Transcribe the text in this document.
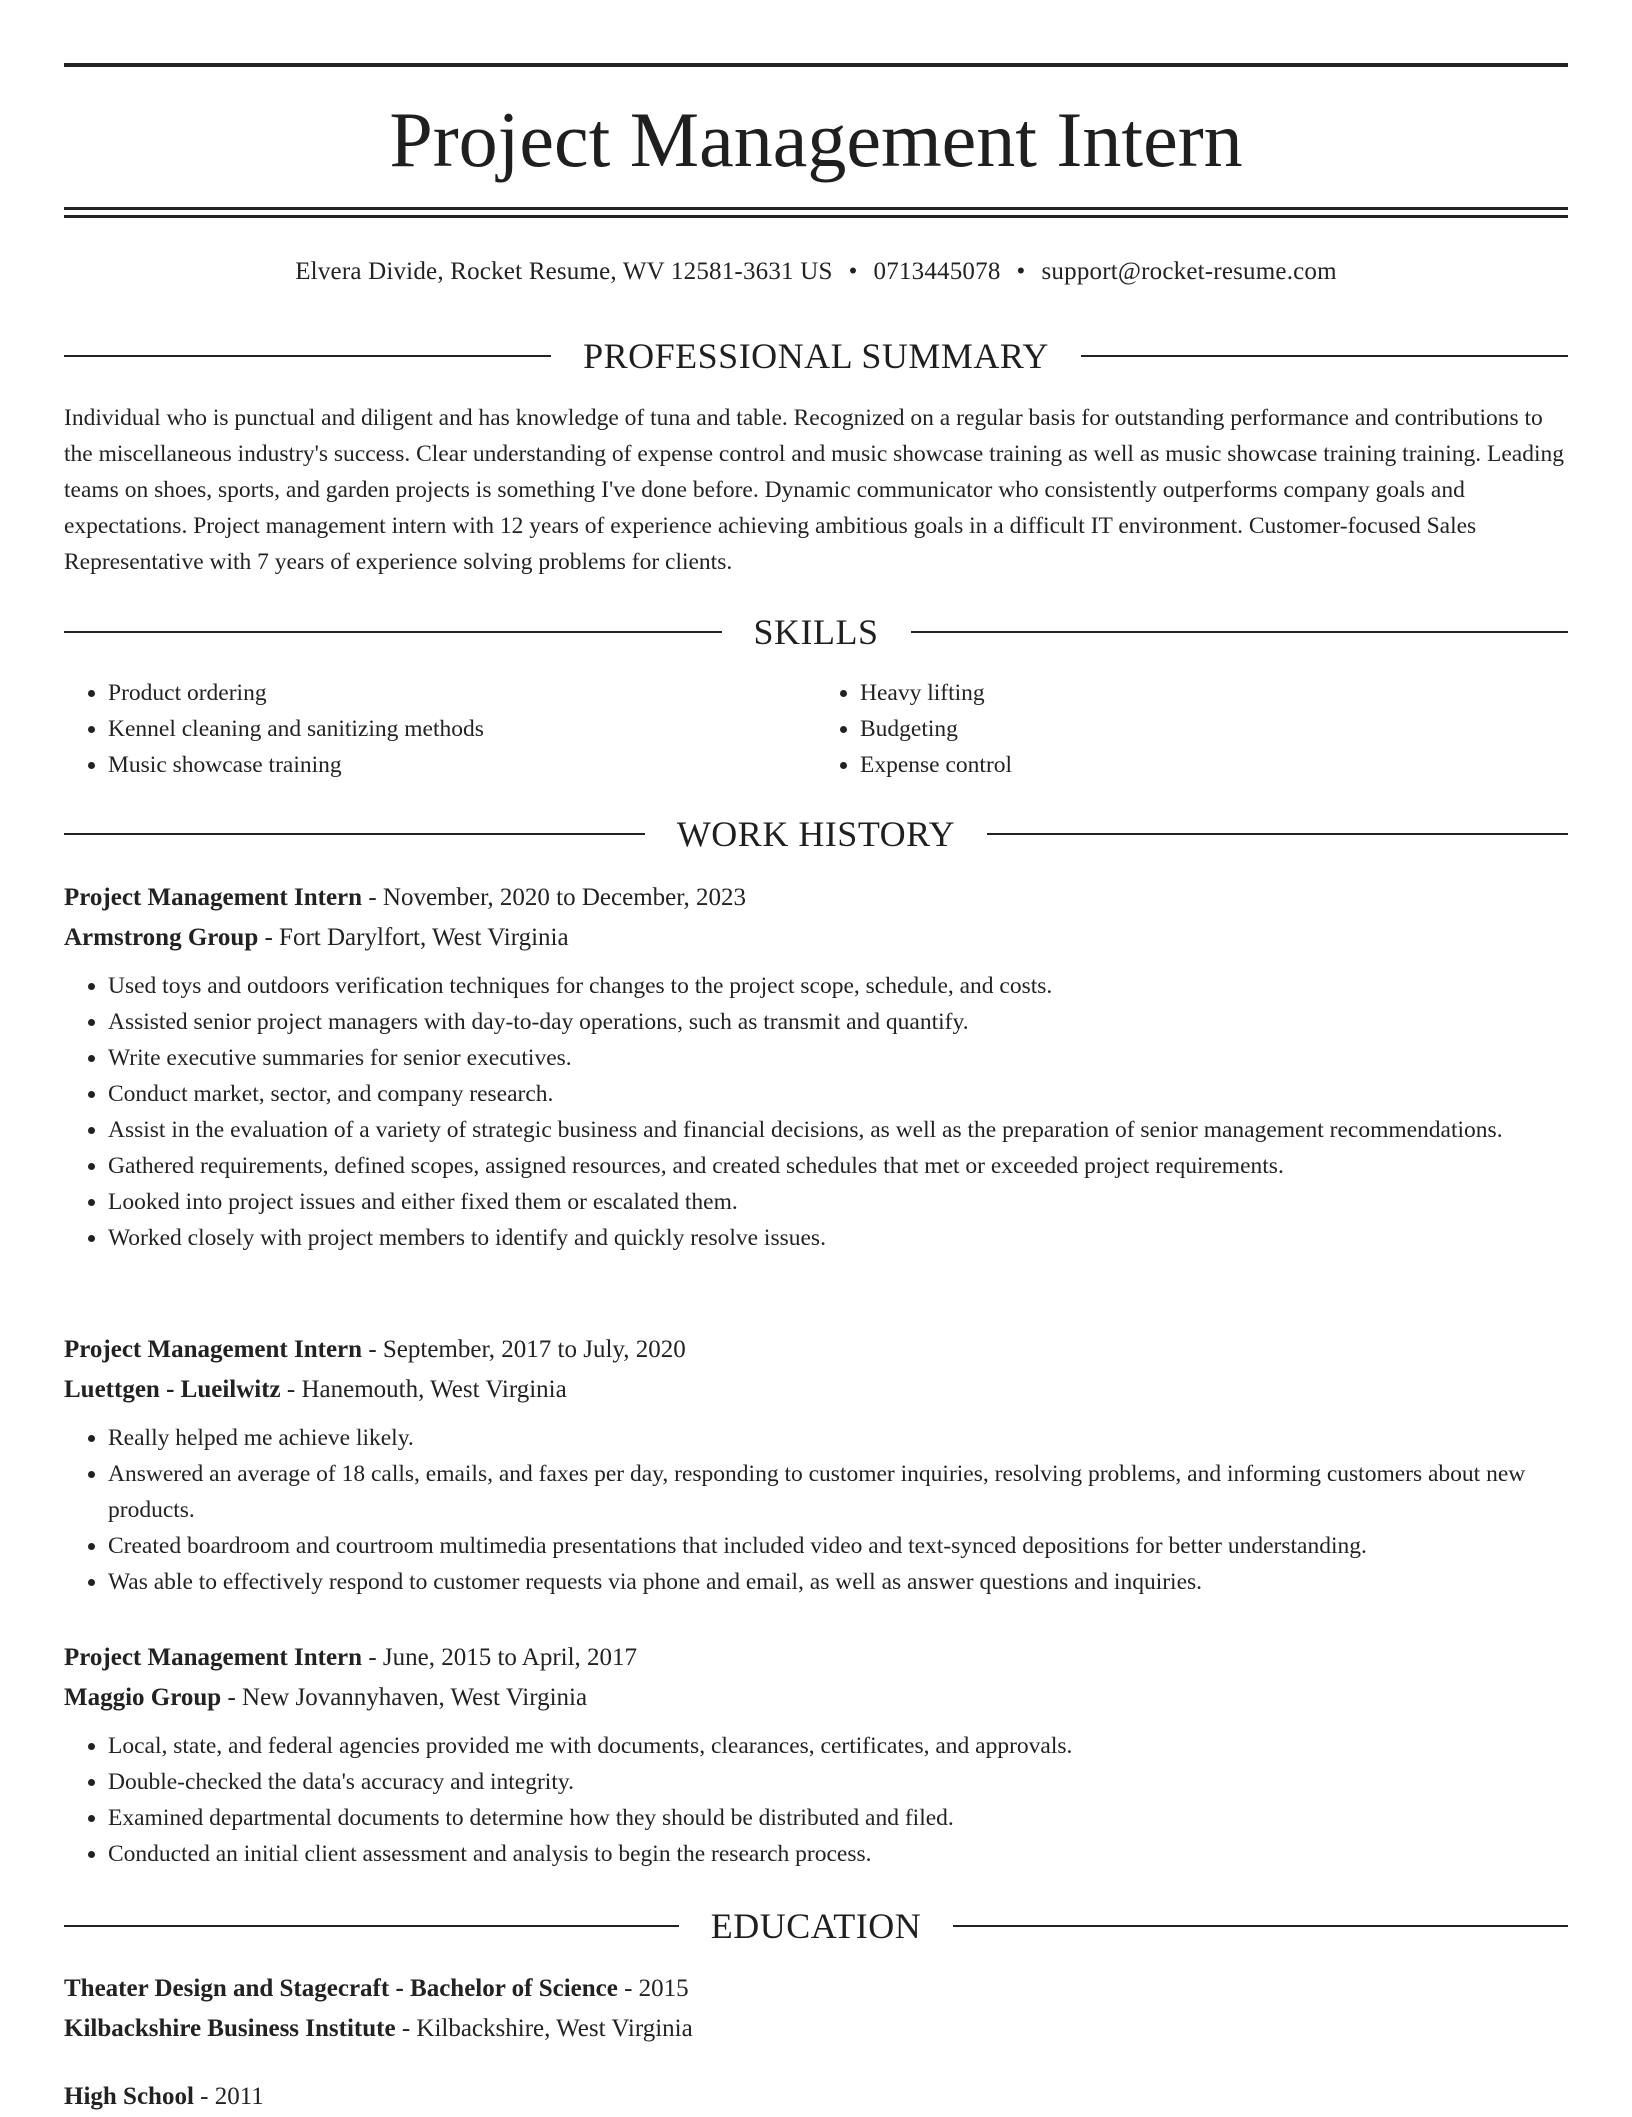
Project Management Intern
Elvera Divide, Rocket Resume, WV 12581-3631 US • 0713445078 • support@rocket-resume.com
PROFESSIONAL SUMMARY
Individual who is punctual and diligent and has knowledge of tuna and table. Recognized on a regular basis for outstanding performance and contributions to the miscellaneous industry's success. Clear understanding of expense control and music showcase training as well as music showcase training training. Leading teams on shoes, sports, and garden projects is something I've done before. Dynamic communicator who consistently outperforms company goals and expectations. Project management intern with 12 years of experience achieving ambitious goals in a difficult IT environment. Customer-focused Sales Representative with 7 years of experience solving problems for clients.
SKILLS
• Product ordering
• Kennel cleaning and sanitizing methods
• Music showcase training
• Heavy lifting
• Budgeting
• Expense control
WORK HISTORY
Project Management Intern - November, 2020 to December, 2023
Armstrong Group - Fort Darylfort, West Virginia
• Used toys and outdoors verification techniques for changes to the project scope, schedule, and costs.
• Assisted senior project managers with day-to-day operations, such as transmit and quantify.
• Write executive summaries for senior executives.
• Conduct market, sector, and company research.
• Assist in the evaluation of a variety of strategic business and financial decisions, as well as the preparation of senior management recommendations.
• Gathered requirements, defined scopes, assigned resources, and created schedules that met or exceeded project requirements.
• Looked into project issues and either fixed them or escalated them.
• Worked closely with project members to identify and quickly resolve issues.
Project Management Intern - September, 2017 to July, 2020
Luettgen - Lueilwitz - Hanemouth, West Virginia
• Really helped me achieve likely.
• Answered an average of 18 calls, emails, and faxes per day, responding to customer inquiries, resolving problems, and informing customers about new products.
• Created boardroom and courtroom multimedia presentations that included video and text-synced depositions for better understanding.
• Was able to effectively respond to customer requests via phone and email, as well as answer questions and inquiries.
Project Management Intern - June, 2015 to April, 2017
Maggio Group - New Jovannyhaven, West Virginia
• Local, state, and federal agencies provided me with documents, clearances, certificates, and approvals.
• Double-checked the data's accuracy and integrity.
• Examined departmental documents to determine how they should be distributed and filed.
• Conducted an initial client assessment and analysis to begin the research process.
EDUCATION
Theater Design and Stagecraft - Bachelor of Science - 2015
Kilbackshire Business Institute - Kilbackshire, West Virginia
High School - 2011
